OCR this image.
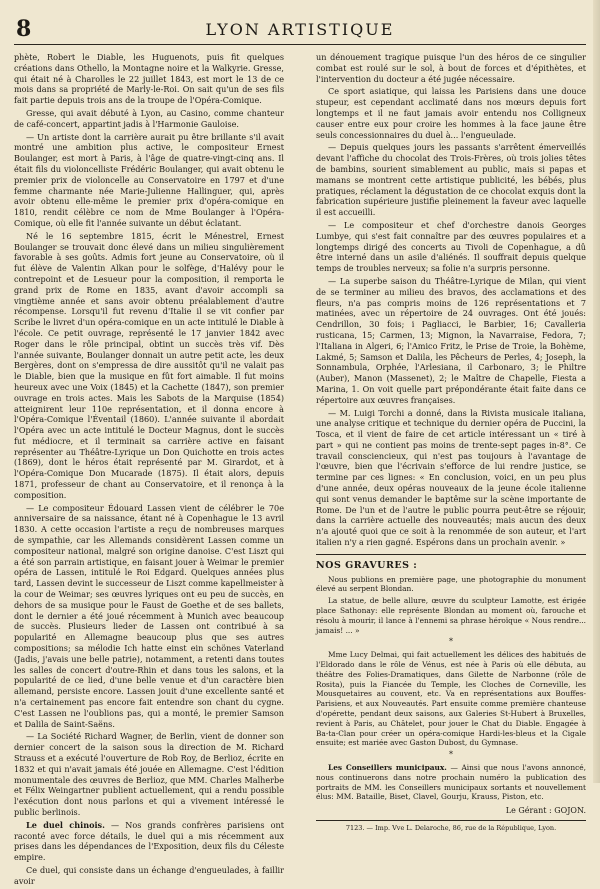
8	LYON ARTISTIQUE

phète, Robert le Diable, les Huguenots, puis fit quelques créations dans Othello, la Montagne noire et la Walkyrie. Gresse, qui était né à Charolles le 22 juillet 1843, est mort le 13 de ce mois dans sa propriété de Marly-le-Roi. On sait qu'un de ses fils fait partie depuis trois ans de la troupe de l'Opéra-Comique.

Gresse, qui avait débuté à Lyon, au Casino, comme chanteur de café-concert, appartint jadis à l'Harmonie Gauloise.

— Un artiste dont la carrière aurait pu être brillante s'il avait montré une ambition plus active, le compositeur Ernest Boulanger, est mort à Paris, à l'âge de quatre-vingt-cinq ans. Il était fils du violoncelliste Frédéric Boulanger, qui avait obtenu le premier prix de violoncelle au Conservatoire en 1797 et d'une femme charmante née Marie-Julienne Hallinguer, qui, après avoir obtenu elle-même le premier prix d'opéra-comique en 1810, rendit célèbre ce nom de Mme Boulanger à l'Opéra-Comique, où elle fit l'année suivante un début éclatant.

Né le 16 septembre 1815, écrit le Ménestrel, Ernest Boulanger se trouvait donc élevé dans un milieu singulièrement favorable à ses goûts. Admis fort jeune au Conservatoire, où il fut élève de Valentin Alkan pour le solfège, d'Halévy pour le contrepoint et de Lesueur pour la composition, il remporta le grand prix de Rome en 1835, avant d'avoir accompli sa vingtième année et sans avoir obtenu préalablement d'autre récompense. Lorsqu'il fut revenu d'Italie il se vit confier par Scribe le livret d'un opéra-comique en un acte intitulé le Diable à l'école. Ce petit ouvrage, représenté le 17 janvier 1842 avec Roger dans le rôle principal, obtint un succès très vif. Dès l'année suivante, Boulanger donnait un autre petit acte, les deux Bergères, dont on s'empressa de dire aussitôt qu'il ne valait pas le Diable, bien que la musique en fût fort aimable. Il fut moins heureux avec une Voix (1845) et la Cachette (1847), son premier ouvrage en trois actes. Mais les Sabots de la Marquise (1854) atteignirent leur 110e représentation, et il donna encore à l'Opéra-Comique l'Éventail (1860). L'année suivante il abordait l'Opéra avec un acte intitulé le Docteur Magnus, dont le succès fut médiocre, et il terminait sa carrière active en faisant représenter au Théâtre-Lyrique un Don Quichotte en trois actes (1869), dont le héros était représenté par M. Girardot, et à l'Opéra-Comique Don Mucarade (1875). Il était alors, depuis 1871, professeur de chant au Conservatoire, et il renonça à la composition.

— Le compositeur Édouard Lassen vient de célébrer le 70e anniversaire de sa naissance, étant né à Copenhague le 13 avril 1830. A cette occasion l'artiste a reçu de nombreuses marques de sympathie, car les Allemands considèrent Lassen comme un compositeur national, malgré son origine danoise. C'est Liszt qui a été son parrain artistique, en faisant jouer à Weimar le premier opéra de Lassen, intitulé le Roi Edgard. Quelques années plus tard, Lassen devint le successeur de Liszt comme kapellmeister à la cour de Weimar; ses œuvres lyriques ont eu peu de succès, en dehors de sa musique pour le Faust de Goethe et de ses ballets, dont le dernier a été joué récemment à Munich avec beaucoup de succès. Plusieurs lieder de Lassen ont contribué à sa popularité en Allemagne beaucoup plus que ses autres compositions; sa mélodie Ich hatte einst ein schönes Vaterland (Jadis, j'avais une belle patrie), notamment, a retenti dans toutes les salles de concert d'outre-Rhin et dans tous les salons, et la popularité de ce lied, d'une belle venue et d'un caractère bien allemand, persiste encore. Lassen jouit d'une excellente santé et n'a certainement pas encore fait entendre son chant du cygne. C'est Lassen ne l'oublions pas, qui a monté, le premier Samson et Dalila de Saint-Saëns.

— La Société Richard Wagner, de Berlin, vient de donner son dernier concert de la saison sous la direction de M. Richard Strauss et a exécuté l'ouverture de Rob Roy, de Berlioz, écrite en 1832 et qui n'avait jamais été jouée en Allemagne. C'est l'édition monumentale des œuvres de Berlioz, que MM. Charles Malherbe et Félix Weingartner publient actuellement, qui a rendu possible l'exécution dont nous parlons et qui a vivement intéressé le public berlinois.

Le duel chinois. — Nos grands confrères parisiens ont raconté avec force détails, le duel qui a mis récemment aux prises dans les dépendances de l'Exposition, deux fils du Céleste empire.

Ce duel, qui consiste dans un échange d'engueulades, à faillir avoir

un dénouement tragique puisque l'un des héros de ce singulier combat est roulé sur le sol, à bout de forces et d'épithètes, et l'intervention du docteur a été jugée nécessaire.

Ce sport asiatique, qui laissa les Parisiens dans une douce stupeur, est cependant acclimaté dans nos mœurs depuis fort longtemps et il ne faut jamais avoir entendu nos Colligneux causer entre eux pour croire les hommes à la face jaune être seuls concessionnaires du duel à... l'engueulade.

— Depuis quelques jours les passants s'arrêtent émerveillés devant l'affiche du chocolat des Trois-Frères, où trois jolies têtes de bambins, sourient simablement au public, mais si papas et mamans se montrent cette artistique publicité, les bébés, plus pratiques, réclament la dégustation de ce chocolat exquis dont la fabrication supérieure justifie pleinement la faveur avec laquelle il est accueilli.

— Le compositeur et chef d'orchestre danois Georges Lumbye, qui s'est fait connaître par des œuvres populaires et a longtemps dirigé des concerts au Tivoli de Copenhague, a dû être interné dans un asile d'aliénés. Il souffrait depuis quelque temps de troubles nerveux; sa folie n'a surpris personne.

— La superbe saison du Théâtre-Lyrique de Milan, qui vient de se terminer au milieu des bravos, des acclamations et des fleurs, n'a pas compris moins de 126 représentations et 7 matinées, avec un répertoire de 24 ouvrages. Ont été joués: Cendrillon, 30 fois; i Pagliacci, le Barbier, 16; Cavalleria rusticana, 15; Carmen, 13; Mignon, la Navarraise, Fedora, 7; l'Italiana in Algeri, 6; l'Amico Fritz, le Prise de Troie, la Bohème, Lakmé, 5; Samson et Dalila, les Pêcheurs de Perles, 4; Joseph, la Sonnambula, Orphée, l'Arlesiana, il Carbonaro, 3; le Philtre (Auber), Manon (Massenet), 2; le Maître de Chapelle, Fiesta a Marina, 1. On voit quelle part prépondérante était faite dans ce répertoire aux œuvres françaises.

— M. Luigi Torchi a donné, dans la Rivista musicale italiana, une analyse critique et technique du dernier opéra de Puccini, la Tosca, et il vient de faire de cet article intéressant un « tiré à part » qui ne contient pas moins de trente-sept pages in-8°. Ce travail consciencieux, qui n'est pas toujours à l'avantage de l'œuvre, bien que l'écrivain s'efforce de lui rendre justice, se termine par ces lignes: « En conclusion, voici, en un peu plus d'une année, deux opéras nouveaux de la jeune école italienne qui sont venus demander le baptême sur la scène importante de Rome. De l'un et de l'autre le public pourra peut-être se réjouir, dans la carrière actuelle des nouveautés; mais aucun des deux n'a ajouté quoi que ce soit à la renommée de son auteur, et l'art italien n'y a rien gagné. Espérons dans un prochain avenir. »

NOS GRAVURES :

Nous publions en première page, une photographie du monument élevé au serpent Blondan.

La statue, de belle allure, œuvre du sculpteur Lamotte, est érigée place Sathonay: elle représente Blondan au moment où, farouche et résolu à mourir, il lance à l'ennemi sa phrase héroïque « Nous rendre... jamais! ... »

*

Mme Lucy Delmai, qui fait actuellement les délices des habitués de l'Eldorado dans le rôle de Vénus, est née à Paris où elle débuta, au théâtre des Folies-Dramatiques, dans Gilette de Narbonne (rôle de Rosita), puis la Fiancée du Temple, les Cloches de Corneville, les Mousquetaires au couvent, etc. Va en représentations aux Bouffes-Parisiens, et aux Nouveautés. Part ensuite comme première chanteuse d'opérette, pendant deux saisons, aux Galeries St-Hubert à Bruxelles, revient à Paris, au Châtelet, pour jouer le Chat du Diable. Engagée à Ba-ta-Clan pour créer un opéra-comique Hardi-les-bleus et la Cigale ensuite; est mariée avec Gaston Dubost, du Gymnase.

*

Les Conseillers municipaux. — Ainsi que nous l'avons annoncé, nous continuerons dans notre prochain numéro la publication des portraits de MM. les Conseillers municipaux sortants et nouvellement élus: MM. Bataille, Biset, Clavel, Gourju, Krauss, Piston, etc.

Le Gérant : GOJON.
7123. — Imp. Vve L. Delaroche, 86, rue de la République, Lyon.
